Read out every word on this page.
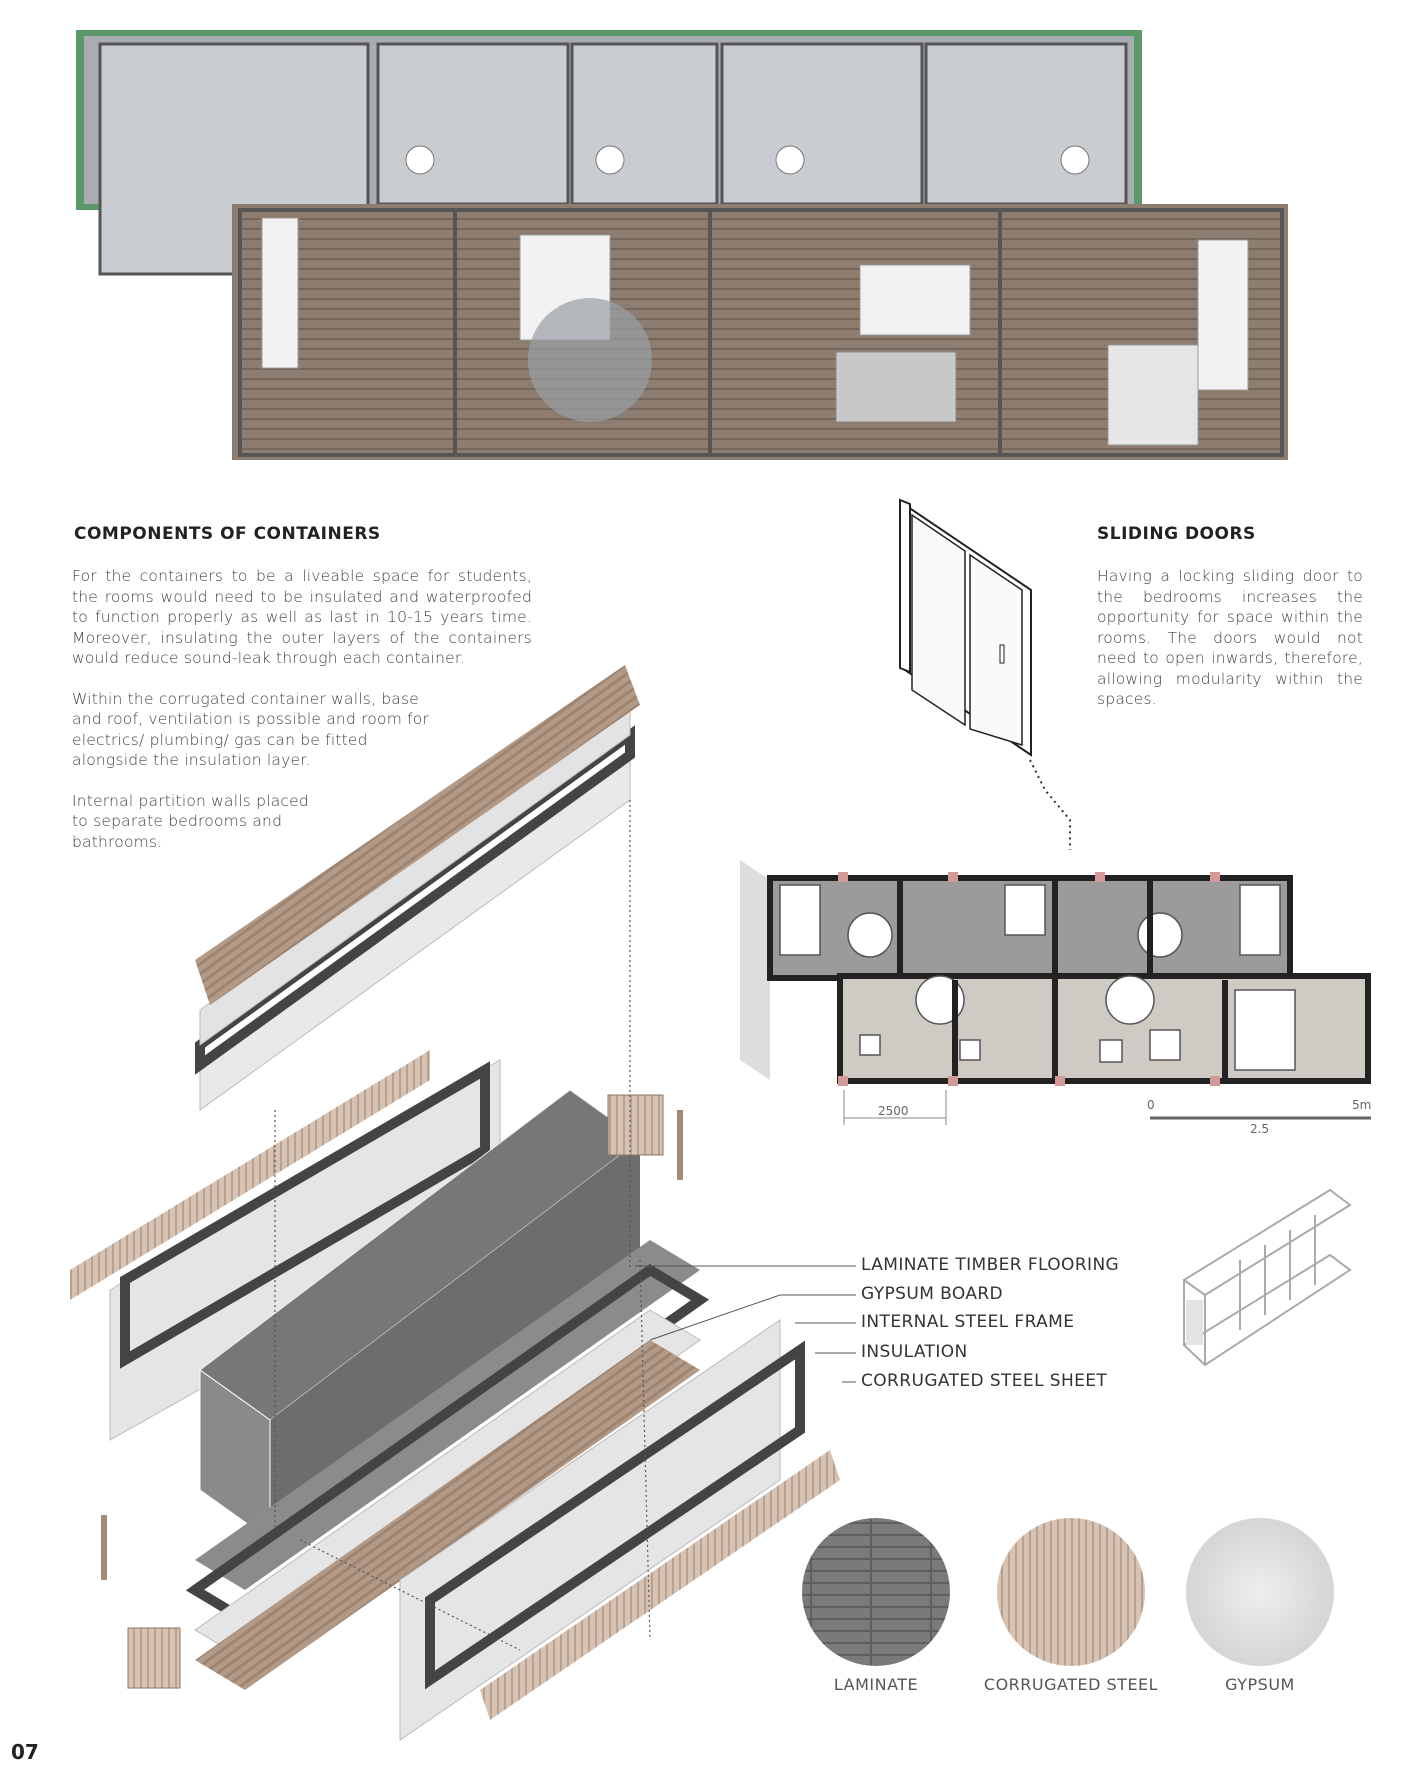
COMPONENTS OF CONTAINERS

For the containers to be a liveable space for students, the rooms would need to be insulated and waterproofed to function properly as well as last in 10-15 years time. Moreover, insulating the outer layers of the containers would reduce sound-leak through each container.

Within the corrugated container walls, base and roof, ventilation is possible and room for electrics/ plumbing/ gas can be fitted alongside the insulation layer.

Internal partition walls placed to separate bedrooms and bathrooms.

SLIDING DOORS
Having a locking sliding door to the bedrooms increases the opportunity for space within the rooms. The doors would not need to open inwards, therefore, allowing modularity within the spaces.
2500	0
2.5
5m
LAMINATE TIMBER FLOORING
GYPSUM BOARD
INTERNAL STEEL FRAME
INSULATION
CORRUGATED STEEL SHEET
LAMINATE	CORRUGATED STEEL	GYPSUM
07
